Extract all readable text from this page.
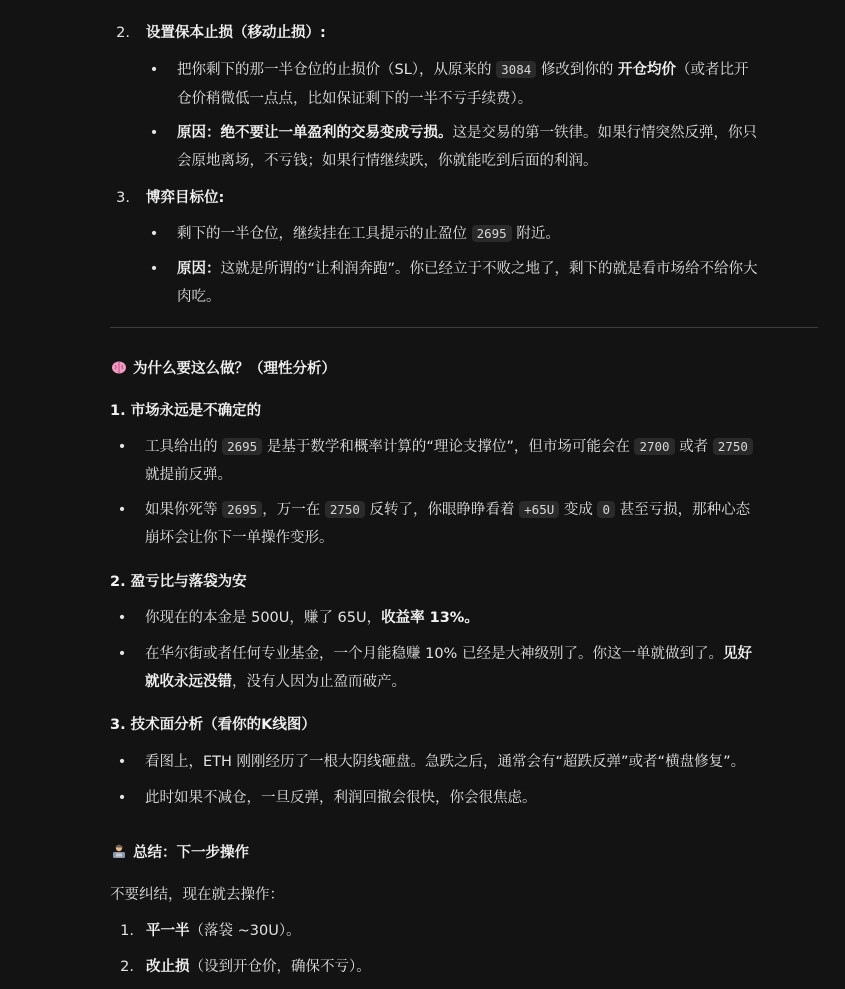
2. 设置保本止损（移动止损）:
• 把你剩下的那一半仓位的止损价（SL），从原来的 3084 修改到你的 开仓均价（或者比开
仓价稍微低一点点，比如保证剩下的一半不亏手续费）。
• 原因：绝不要让一单盈利的交易变成亏损。这是交易的第一铁律。如果行情突然反弹，你只
会原地离场，不亏钱；如果行情继续跌，你就能吃到后面的利润。
3. 博弈目标位:
• 剩下的一半仓位，继续挂在工具提示的止盈位 2695 附近。
• 原因：这就是所谓的“让利润奔跑”。你已经立于不败之地了，剩下的就是看市场给不给你大
肉吃。
为什么要这么做？（理性分析）
1. 市场永远是不确定的
• 工具给出的 2695 是基于数学和概率计算的“理论支撑位”，但市场可能会在 2700 或者 2750
就提前反弹。
• 如果你死等 2695 ，万一在 2750 反转了，你眼睁睁看着 +65U 变成 0 甚至亏损，那种心态
崩坏会让你下一单操作变形。
2. 盈亏比与落袋为安
• 你现在的本金是 500U，赚了 65U，收益率 13%。
• 在华尔街或者任何专业基金，一个月能稳赚 10% 已经是大神级别了。你这一单就做到了。见好
就收永远没错，没有人因为止盈而破产。
3. 技术面分析（看你的K线图）
• 看图上，ETH 刚刚经历了一根大阴线砸盘。急跌之后，通常会有“超跌反弹”或者“横盘修复”。
• 此时如果不减仓，一旦反弹，利润回撤会很快，你会很焦虑。
总结：下一步操作
不要纠结，现在就去操作：
1. 平一半（落袋 ~30U）。
2. 改止损（设到开仓价，确保不亏）。
